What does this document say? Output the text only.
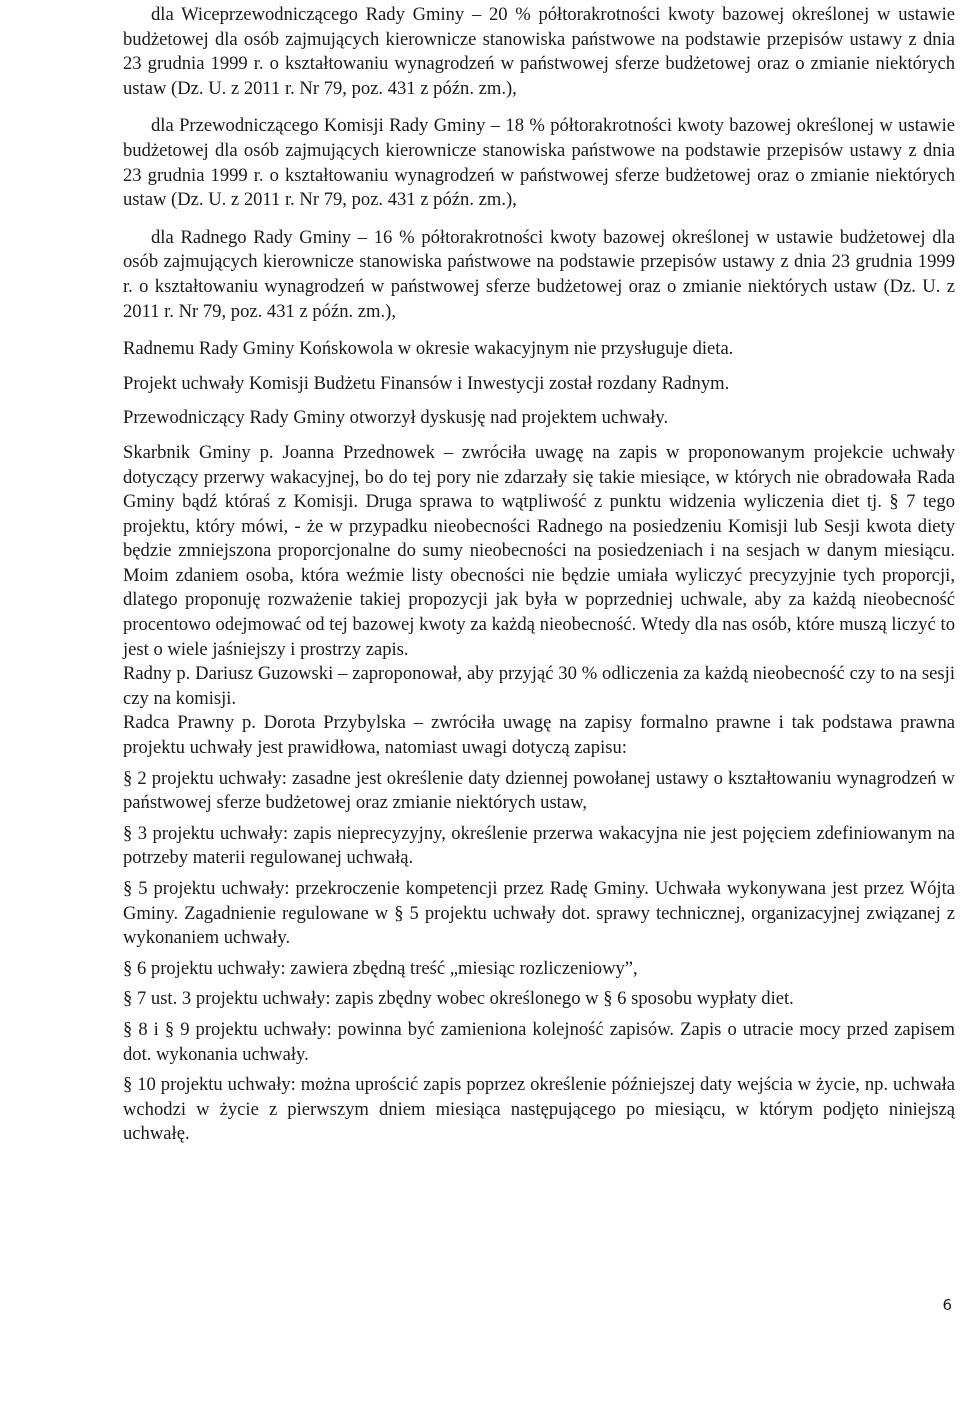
dla Wiceprzewodniczącego Rady Gminy – 20 % półtorakrotności kwoty bazowej określonej w ustawie budżetowej dla osób zajmujących kierownicze stanowiska państwowe na podstawie przepisów ustawy z dnia 23 grudnia 1999 r. o kształtowaniu wynagrodzeń w państwowej sferze budżetowej oraz o zmianie niektórych ustaw (Dz. U. z 2011 r. Nr 79, poz. 431 z późn. zm.),

dla Przewodniczącego Komisji Rady Gminy – 18 % półtorakrotności kwoty bazowej określonej w ustawie budżetowej dla osób zajmujących kierownicze stanowiska państwowe na podstawie przepisów ustawy z dnia 23 grudnia 1999 r. o kształtowaniu wynagrodzeń w państwowej sferze budżetowej oraz o zmianie niektórych ustaw (Dz. U. z 2011 r. Nr 79, poz. 431 z późn. zm.),

dla Radnego Rady Gminy – 16 % półtorakrotności kwoty bazowej określonej w ustawie budżetowej dla osób zajmujących kierownicze stanowiska państwowe na podstawie przepisów ustawy z dnia 23 grudnia 1999 r. o kształtowaniu wynagrodzeń w państwowej sferze budżetowej oraz o zmianie niektórych ustaw (Dz. U. z 2011 r. Nr 79, poz. 431 z późn. zm.),

Radnemu Rady Gminy Końskowola w okresie wakacyjnym nie przysługuje dieta.

Projekt uchwały Komisji Budżetu Finansów i Inwestycji został rozdany Radnym.

Przewodniczący Rady Gminy otworzył dyskusję nad projektem uchwały.

Skarbnik Gminy p. Joanna Przednowek – zwróciła uwagę na zapis w proponowanym projekcie uchwały dotyczący przerwy wakacyjnej, bo do tej pory nie zdarzały się takie miesiące, w których nie obradowała Rada Gminy bądź któraś z Komisji. Druga sprawa to wątpliwość z punktu widzenia wyliczenia diet tj. § 7 tego projektu, który mówi, - że w przypadku nieobecności Radnego na posiedzeniu Komisji lub Sesji kwota diety będzie zmniejszona proporcjonalne do sumy nieobecności na posiedzeniach i na sesjach w danym miesiącu. Moim zdaniem osoba, która weźmie listy obecności nie będzie umiała wyliczyć precyzyjnie tych proporcji, dlatego proponuję rozważenie takiej propozycji jak była w poprzedniej uchwale, aby za każdą nieobecność procentowo odejmować od tej bazowej kwoty za każdą nieobecność. Wtedy dla nas osób, które muszą liczyć to jest o wiele jaśniejszy i prostrzy zapis.

Radny p. Dariusz Guzowski – zaproponował, aby przyjąć 30 % odliczenia za każdą nieobecność czy to na sesji czy na komisji.

Radca Prawny p. Dorota Przybylska – zwróciła uwagę na zapisy formalno prawne i tak podstawa prawna projektu uchwały jest prawidłowa, natomiast uwagi dotyczą zapisu:

§ 2 projektu uchwały: zasadne jest określenie daty dziennej powołanej ustawy o kształtowaniu wynagrodzeń w państwowej sferze budżetowej oraz zmianie niektórych ustaw,

§ 3 projektu uchwały: zapis nieprecyzyjny, określenie przerwa wakacyjna nie jest pojęciem zdefiniowanym na potrzeby materii regulowanej uchwałą.

§ 5 projektu uchwały: przekroczenie kompetencji przez Radę Gminy. Uchwała wykonywana jest przez Wójta Gminy. Zagadnienie regulowane w § 5 projektu uchwały dot. sprawy technicznej, organizacyjnej związanej z wykonaniem uchwały.

§ 6 projektu uchwały: zawiera zbędną treść „miesiąc rozliczeniowy”,

§ 7 ust. 3 projektu uchwały: zapis zbędny wobec określonego w § 6 sposobu wypłaty diet.

§ 8 i § 9 projektu uchwały: powinna być zamieniona kolejność zapisów. Zapis o utracie mocy przed zapisem dot. wykonania uchwały.

§ 10 projektu uchwały: można uprościć zapis poprzez określenie późniejszej daty wejścia w życie, np. uchwała wchodzi w życie z pierwszym dniem miesiąca następującego po miesiącu, w którym podjęto niniejszą uchwałę.

6
